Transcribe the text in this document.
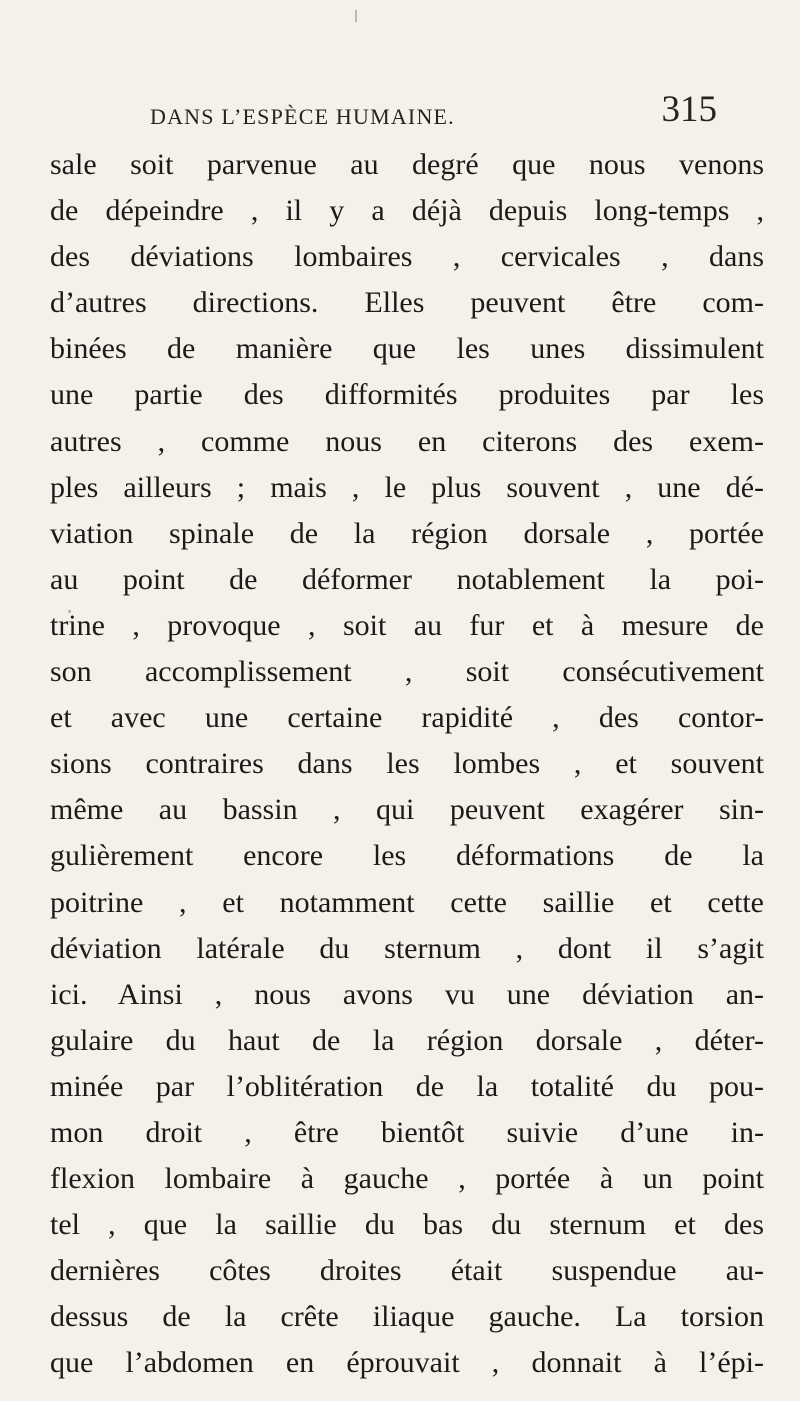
DANS L’ESPÈCE HUMAINE.	315
sale soit parvenue au degré que nous venons
de dépeindre , il y a déjà depuis long-temps ,
des déviations lombaires , cervicales , dans
d’autres directions. Elles peuvent être com-
binées de manière que les unes dissimulent
une partie des difformités produites par les
autres , comme nous en citerons des exem-
ples ailleurs ; mais , le plus souvent , une dé-
viation spinale de la région dorsale , portée
au point de déformer notablement la poi-
trine , provoque , soit au fur et à mesure de
son accomplissement , soit consécutivement
et avec une certaine rapidité , des contor-
sions contraires dans les lombes , et souvent
même au bassin , qui peuvent exagérer sin-
gulièrement encore les déformations de la
poitrine , et notamment cette saillie et cette
déviation latérale du sternum , dont il s’agit
ici. Ainsi , nous avons vu une déviation an-
gulaire du haut de la région dorsale , déter-
minée par l’oblitération de la totalité du pou-
mon droit , être bientôt suivie d’une in-
flexion lombaire à gauche , portée à un point
tel , que la saillie du bas du sternum et des
dernières côtes droites était suspendue au-
dessus de la crête iliaque gauche. La torsion
que l’abdomen en éprouvait , donnait à l’épi-
